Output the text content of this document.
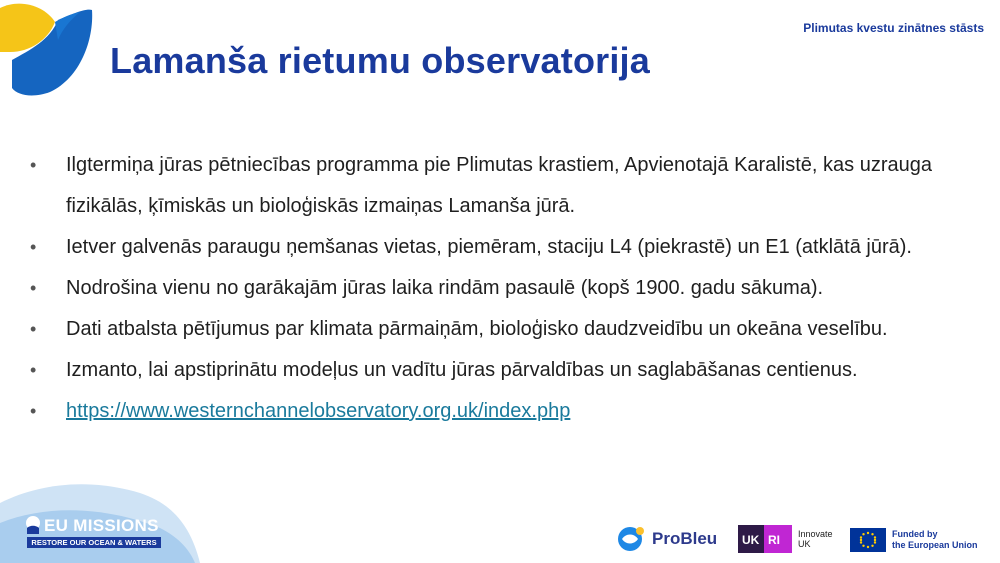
Plimutas kvestu zinātnes stāsts
Lamanša rietumu observatorija
• Ilgtermiņa jūras pētniecības programma pie Plimutas krastiem, Apvienotajā Karalistē, kas uzrauga fizikālās, ķīmiskās un bioloģiskās izmaiņas Lamanša jūrā.
• Ietver galvenās paraugu ņemšanas vietas, piemēram, staciju L4 (piekrastē) un E1 (atklātā jūrā).
• Nodrošina vienu no garākajām jūras laika rindām pasaulē (kopš 1900. gadu sākuma).
• Dati atbalsta pētījumus par klimata pārmaiņām, bioloģisko daudzveidību un okeāna veselību.
• Izmanto, lai apstiprinātu modeļus un vadītu jūras pārvaldības un saglabāšanas centienus.
• https://www.westernchannelobservatory.org.uk/index.php
EU MISSIONS
RESTORE OUR OCEAN & WATERS	ProBleu UK RI Innovate
UK
Funded by
the European Union
